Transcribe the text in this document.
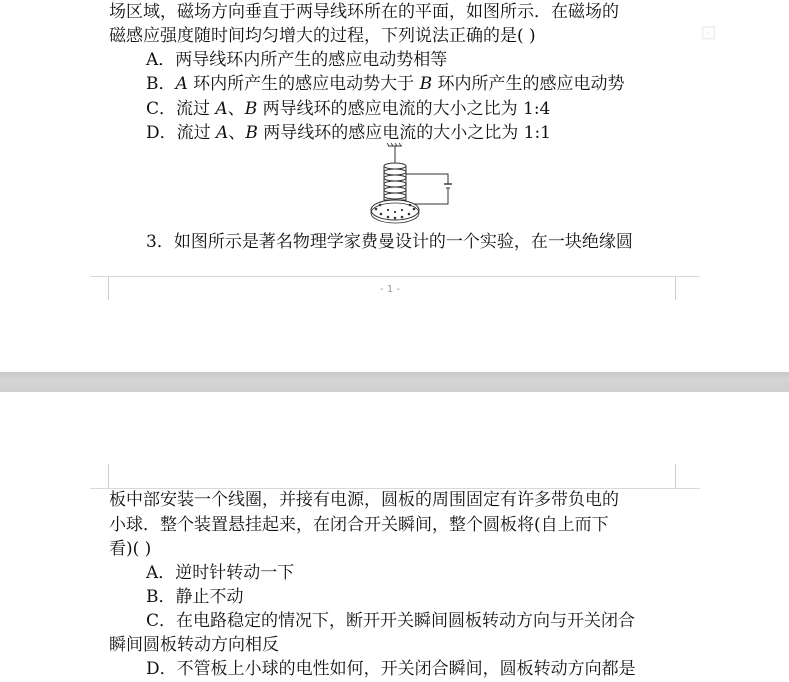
场区域，磁场方向垂直于两导线环所在的平面，如图所示．在磁场的
磁感应强度随时间均匀增大的过程，下列说法正确的是( )
A．两导线环内所产生的感应电动势相等
B．A 环内所产生的感应电动势大于 B 环内所产生的感应电动势
C．流过 A、B 两导线环的感应电流的大小之比为 1:4
D．流过 A、B 两导线环的感应电流的大小之比为 1:1
3．如图所示是著名物理学家费曼设计的一个实验，在一块绝缘圆
- 1 -
⊡
板中部安装一个线圈，并接有电源，圆板的周围固定有许多带负电的
小球．整个装置悬挂起来，在闭合开关瞬间，整个圆板将(自上而下
看)( )
A．逆时针转动一下
B．静止不动
C．在电路稳定的情况下，断开开关瞬间圆板转动方向与开关闭合
瞬间圆板转动方向相反
D．不管板上小球的电性如何，开关闭合瞬间，圆板转动方向都是
